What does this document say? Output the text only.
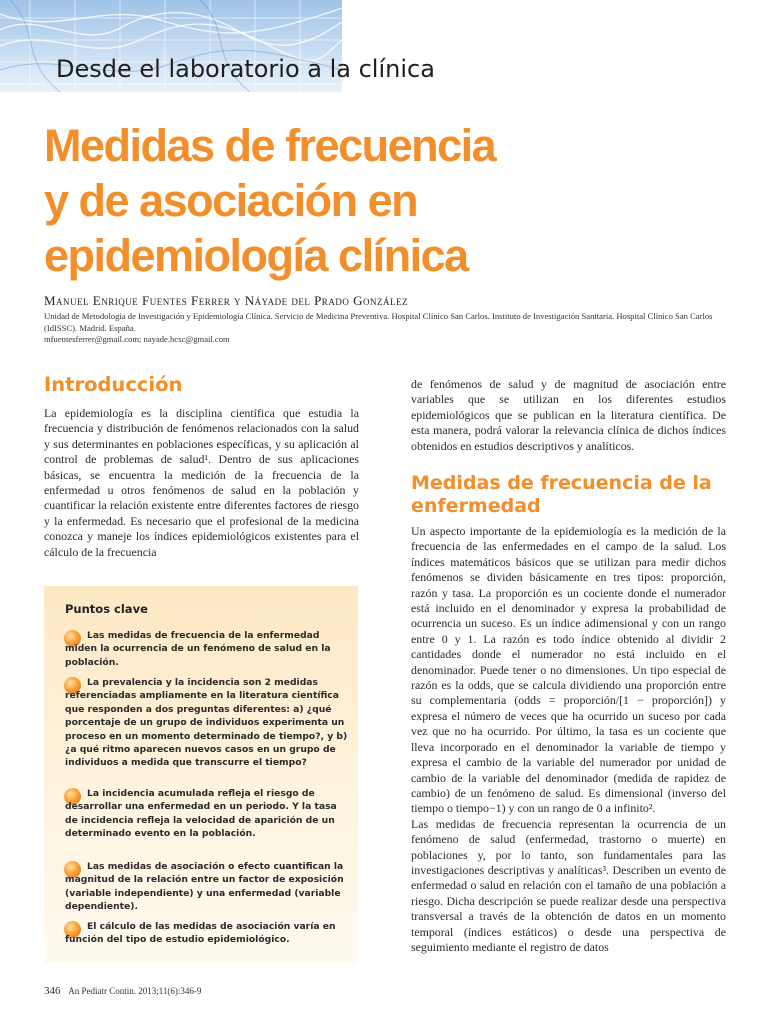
Desde el laboratorio a la clínica
Medidas de frecuencia
y de asociación en
epidemiología clínica
Manuel Enrique Fuentes Ferrer y Náyade del Prado González
Unidad de Metodología de Investigación y Epidemiología Clínica. Servicio de Medicina Preventiva. Hospital Clínico San Carlos. Instituto de Investigación Sanitaria. Hospital Clínico San Carlos (IdISSC). Madrid. España.
mfuentesferrer@gmail.com; nayade.hcsc@gmail.com
Introducción

La epidemiología es la disciplina científica que estudia la frecuencia y distribución de fenómenos relacionados con la salud y sus determinantes en poblaciones específicas, y su aplicación al control de problemas de salud¹. Dentro de sus aplicaciones básicas, se encuentra la medición de la frecuencia de la enfermedad u otros fenómenos de salud en la población y cuantificar la relación existente entre diferentes factores de riesgo y la enfermedad. Es necesario que el profesional de la medicina conozca y maneje los índices epidemiológicos existentes para el cálculo de la frecuencia

Puntos clave

Las medidas de frecuencia de la enfermedad miden la ocurrencia de un fenómeno de salud en la población.

La prevalencia y la incidencia son 2 medidas referenciadas ampliamente en la literatura científica que responden a dos preguntas diferentes: a) ¿qué porcentaje de un grupo de individuos experimenta un proceso en un momento determinado de tiempo?, y b) ¿a qué ritmo aparecen nuevos casos en un grupo de individuos a medida que transcurre el tiempo?

La incidencia acumulada refleja el riesgo de desarrollar una enfermedad en un periodo. Y la tasa de incidencia refleja la velocidad de aparición de un determinado evento en la población.

Las medidas de asociación o efecto cuantifican la magnitud de la relación entre un factor de exposición (variable independiente) y una enfermedad (variable dependiente).

El cálculo de las medidas de asociación varía en función del tipo de estudio epidemiológico.

de fenómenos de salud y de magnitud de asociación entre variables que se utilizan en los diferentes estudios epidemiológicos que se publican en la literatura científica. De esta manera, podrá valorar la relevancia clínica de dichos índices obtenidos en estudios descriptivos y analíticos.

Medidas de frecuencia de la enfermedad

Un aspecto importante de la epidemiología es la medición de la frecuencia de las enfermedades en el campo de la salud. Los índices matemáticos básicos que se utilizan para medir dichos fenómenos se dividen básicamente en tres tipos: proporción, razón y tasa. La proporción es un cociente donde el numerador está incluido en el denominador y expresa la probabilidad de ocurrencia un suceso. Es un índice adimensional y con un rango entre 0 y 1. La razón es todo índice obtenido al dividir 2 cantidades donde el numerador no está incluido en el denominador. Puede tener o no dimensiones. Un tipo especial de razón es la odds, que se calcula dividiendo una proporción entre su complementaria (odds = proporción/[1 − proporción]) y expresa el número de veces que ha ocurrido un suceso por cada vez que no ha ocurrido. Por último, la tasa es un cociente que lleva incorporado en el denominador la variable de tiempo y expresa el cambio de la variable del numerador por unidad de cambio de la variable del denominador (medida de rapidez de cambio) de un fenómeno de salud. Es dimensional (inverso del tiempo o tiempo−1) y con un rango de 0 a infinito².

Las medidas de frecuencia representan la ocurrencia de un fenómeno de salud (enfermedad, trastorno o muerte) en poblaciones y, por lo tanto, son fundamentales para las investigaciones descriptivas y analíticas³. Describen un evento de enfermedad o salud en relación con el tamaño de una población a riesgo. Dicha descripción se puede realizar desde una perspectiva transversal a través de la obtención de datos en un momento temporal (índices estáticos) o desde una perspectiva de seguimiento mediante el registro de datos

346 An Pediatr Contin. 2013;11(6):346-9
